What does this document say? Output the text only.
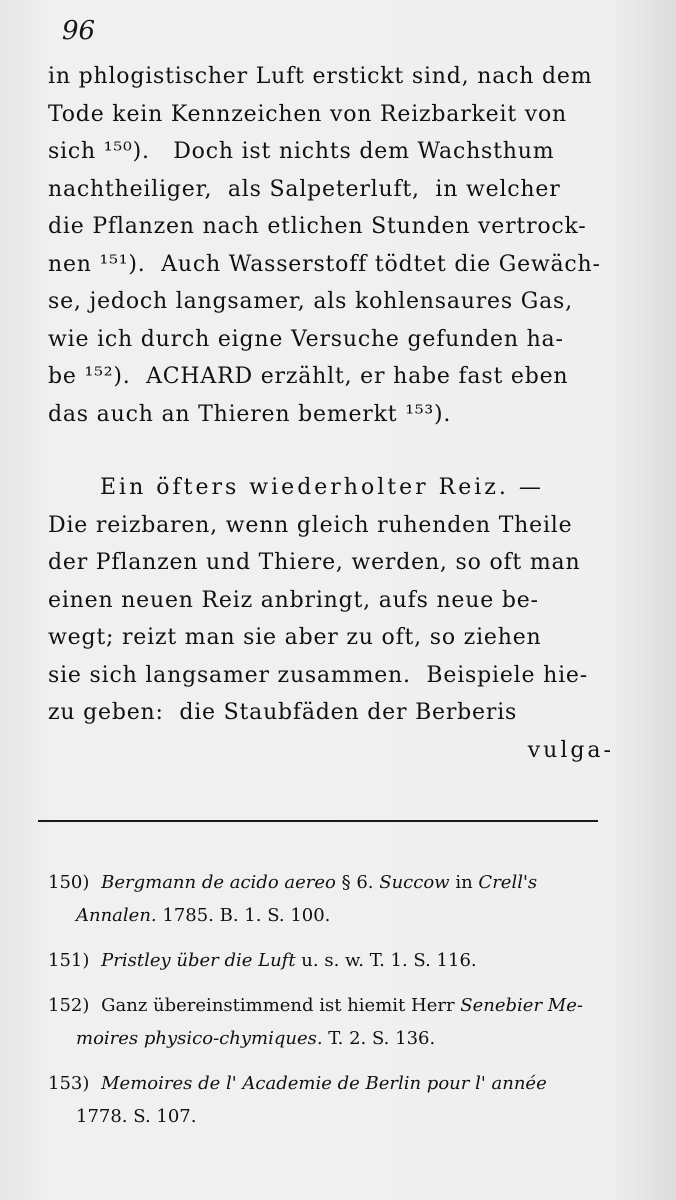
96
in phlogistischer Luft erstickt sind, nach dem
Tode kein Kennzeichen von Reizbarkeit von
sich ¹⁵⁰).   Doch ist nichts dem Wachsthum
nachtheiliger,  als Salpeterluft,  in welcher
die Pflanzen nach etlichen Stunden vertrock-
nen ¹⁵¹).  Auch Wasserstoff tödtet die Gewäch-
se, jedoch langsamer, als kohlensaures Gas,
wie ich durch eigne Versuche gefunden ha-
be ¹⁵²).  ACHARD erzählt, er habe fast eben
das auch an Thieren bemerkt ¹⁵³).
Ein öfters wiederholter Reiz. —
Die reizbaren, wenn gleich ruhenden Theile
der Pflanzen und Thiere, werden, so oft man
einen neuen Reiz anbringt, aufs neue be-
wegt; reizt man sie aber zu oft, so ziehen
sie sich langsamer zusammen.  Beispiele hie-
zu geben:  die Staubfäden der Berberis
vulga-
150) Bergmann de acido aereo § 6. Succow in Crell's
Annalen. 1785. B. 1. S. 100.
151) Pristley über die Luft u. s. w. T. 1. S. 116.
152) Ganz übereinstimmend ist hiemit Herr Senebier Me-
moires physico-chymiques. T. 2. S. 136.
153) Memoires de l' Academie de Berlin pour l' année
1778. S. 107.
